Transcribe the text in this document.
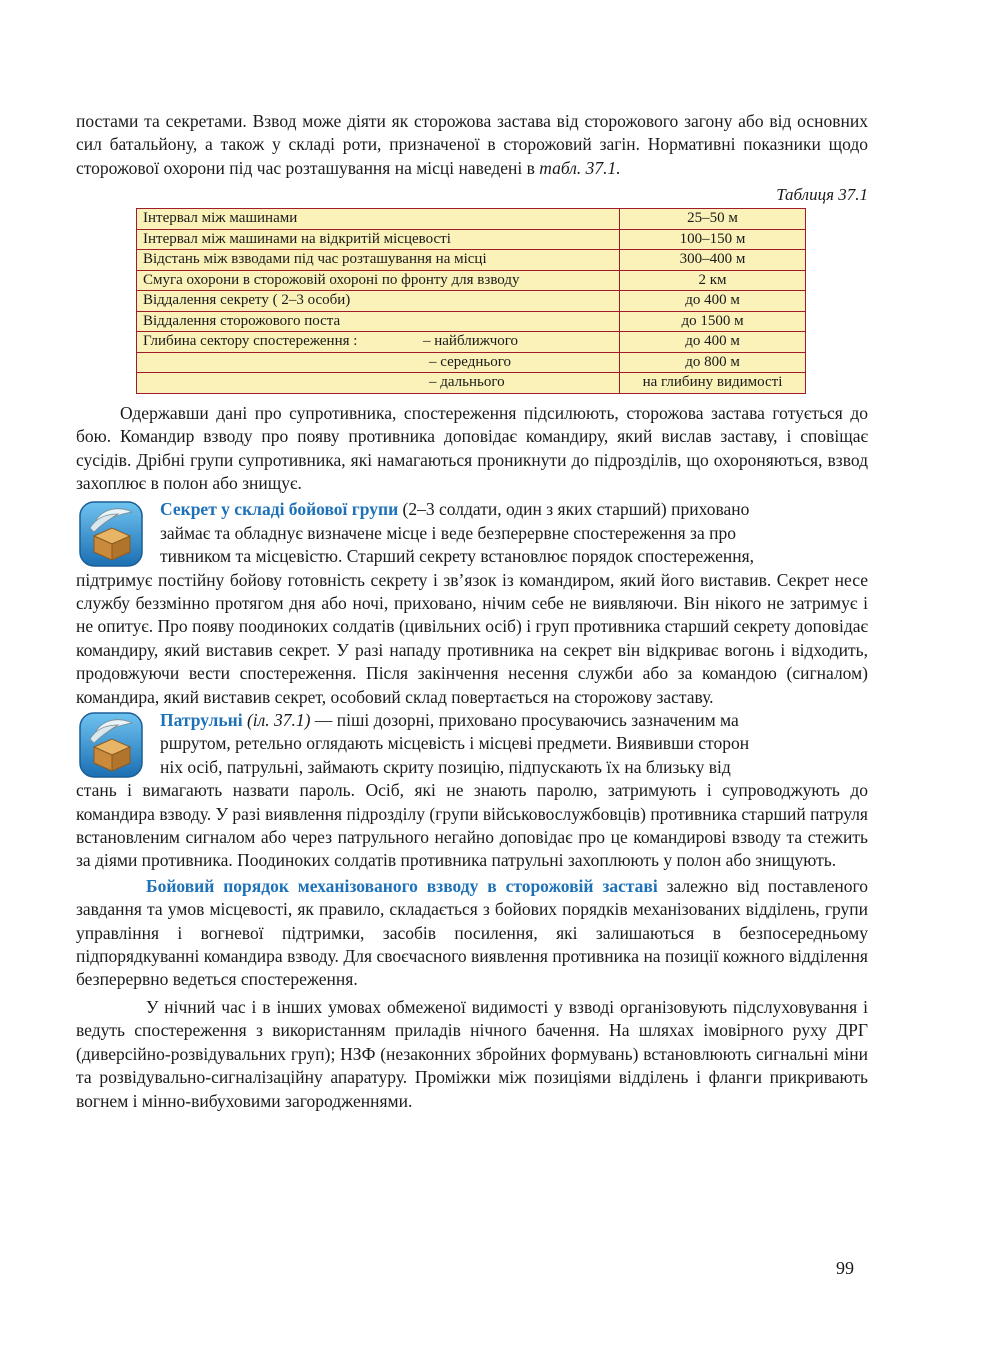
постами та секретами. Взвод може діяти як сторожова застава від сторожового загону або від основних сил батальйону, а також у складі роти, призначеної в сторожовий загін. Нормативні показники щодо сторожової охорони під час розташування на місці наведені в табл. 37.1.

Таблиця 37.1
Інтервал між машинами	25–50 м
Інтервал між машинами на відкритій місцевості	100–150 м
Відстань між взводами під час розташування на місці	300–400 м
Смуга охорони в сторожовій охороні по фронту для взводу	2 км
Віддалення секрету ( 2–3 особи)	до 400 м
Віддалення сторожового поста	до 1500 м

Глибина сектору спостереження : – найближчого	до 400 м
– середнього	до 800 м
– дальнього	на глибину видимості

Одержавши дані про супротивника, спостереження підсилюють, сторожова застава готується до бою. Командир взводу про появу противника доповідає командиру, який вислав заставу, і сповіщає сусідів. Дрібні групи супротивника, які намагаються проникнути до підрозділів, що охороняються, взвод захоплює в полон або знищує.

Секрет у складі бойової групи (2–3 солдати, один з яких старший) приховано
займає та обладнує визначене місце і веде безперервне спостереження за про
тивником та місцевістю. Старший секрету встановлює порядок спостереження,
підтримує постійну бойову готовність секрету і зв’язок із командиром, який його виставив. Секрет несе службу беззмінно протягом дня або ночі, приховано, нічим себе не виявляючи. Він нікого не затримує і не опитує. Про появу поодиноких солдатів (цивільних осіб) і груп противника старший секрету доповідає командиру, який виставив секрет. У разі нападу противника на секрет він відкриває вогонь і відходить, продовжуючи вести спостереження. Після закінчення несення служби або за командою (сигналом) командира, який виставив секрет, особовий склад повертається на сторожову заставу.

Патрульні (іл. 37.1) — піші дозорні, приховано просуваючись зазначеним ма
ршрутом, ретельно оглядають місцевість і місцеві предмети. Виявивши сторон
ніх осіб, патрульні, займають скриту позицію, підпускають їх на близьку від
стань і вимагають назвати пароль. Осіб, які не знають паролю, затримують і супроводжують до командира взводу. У разі виявлення підрозділу (групи військовослужбовців) противника старший патруля встановленим сигналом або через патрульного негайно доповідає про це командирові взводу та стежить за діями противника. Поодиноких солдатів противника патрульні захоплюють у полон або знищують.

Бойовий порядок механізованого взводу в сторожовій заставі залежно від поставленого завдання та умов місцевості, як правило, складається з бойових порядків механізованих відділень, групи управління і вогневої підтримки, засобів посилення, які залишаються в безпосередньому підпорядкуванні командира взводу. Для своєчасного виявлення противника на позиції кожного відділення безперервно ведеться спостереження.

У нічний час і в інших умовах обмеженої видимості у взводі організовують підслуховування і ведуть спостереження з використанням приладів нічного бачення. На шляхах імовірного руху ДРГ (диверсійно-розвідувальних груп); НЗФ (незаконних збройних формувань) встановлюють сигнальні міни та розвідувально-сигналізаційну апаратуру. Проміжки між позиціями відділень і фланги прикривають вогнем і мінно-вибуховими загородженнями.

99
